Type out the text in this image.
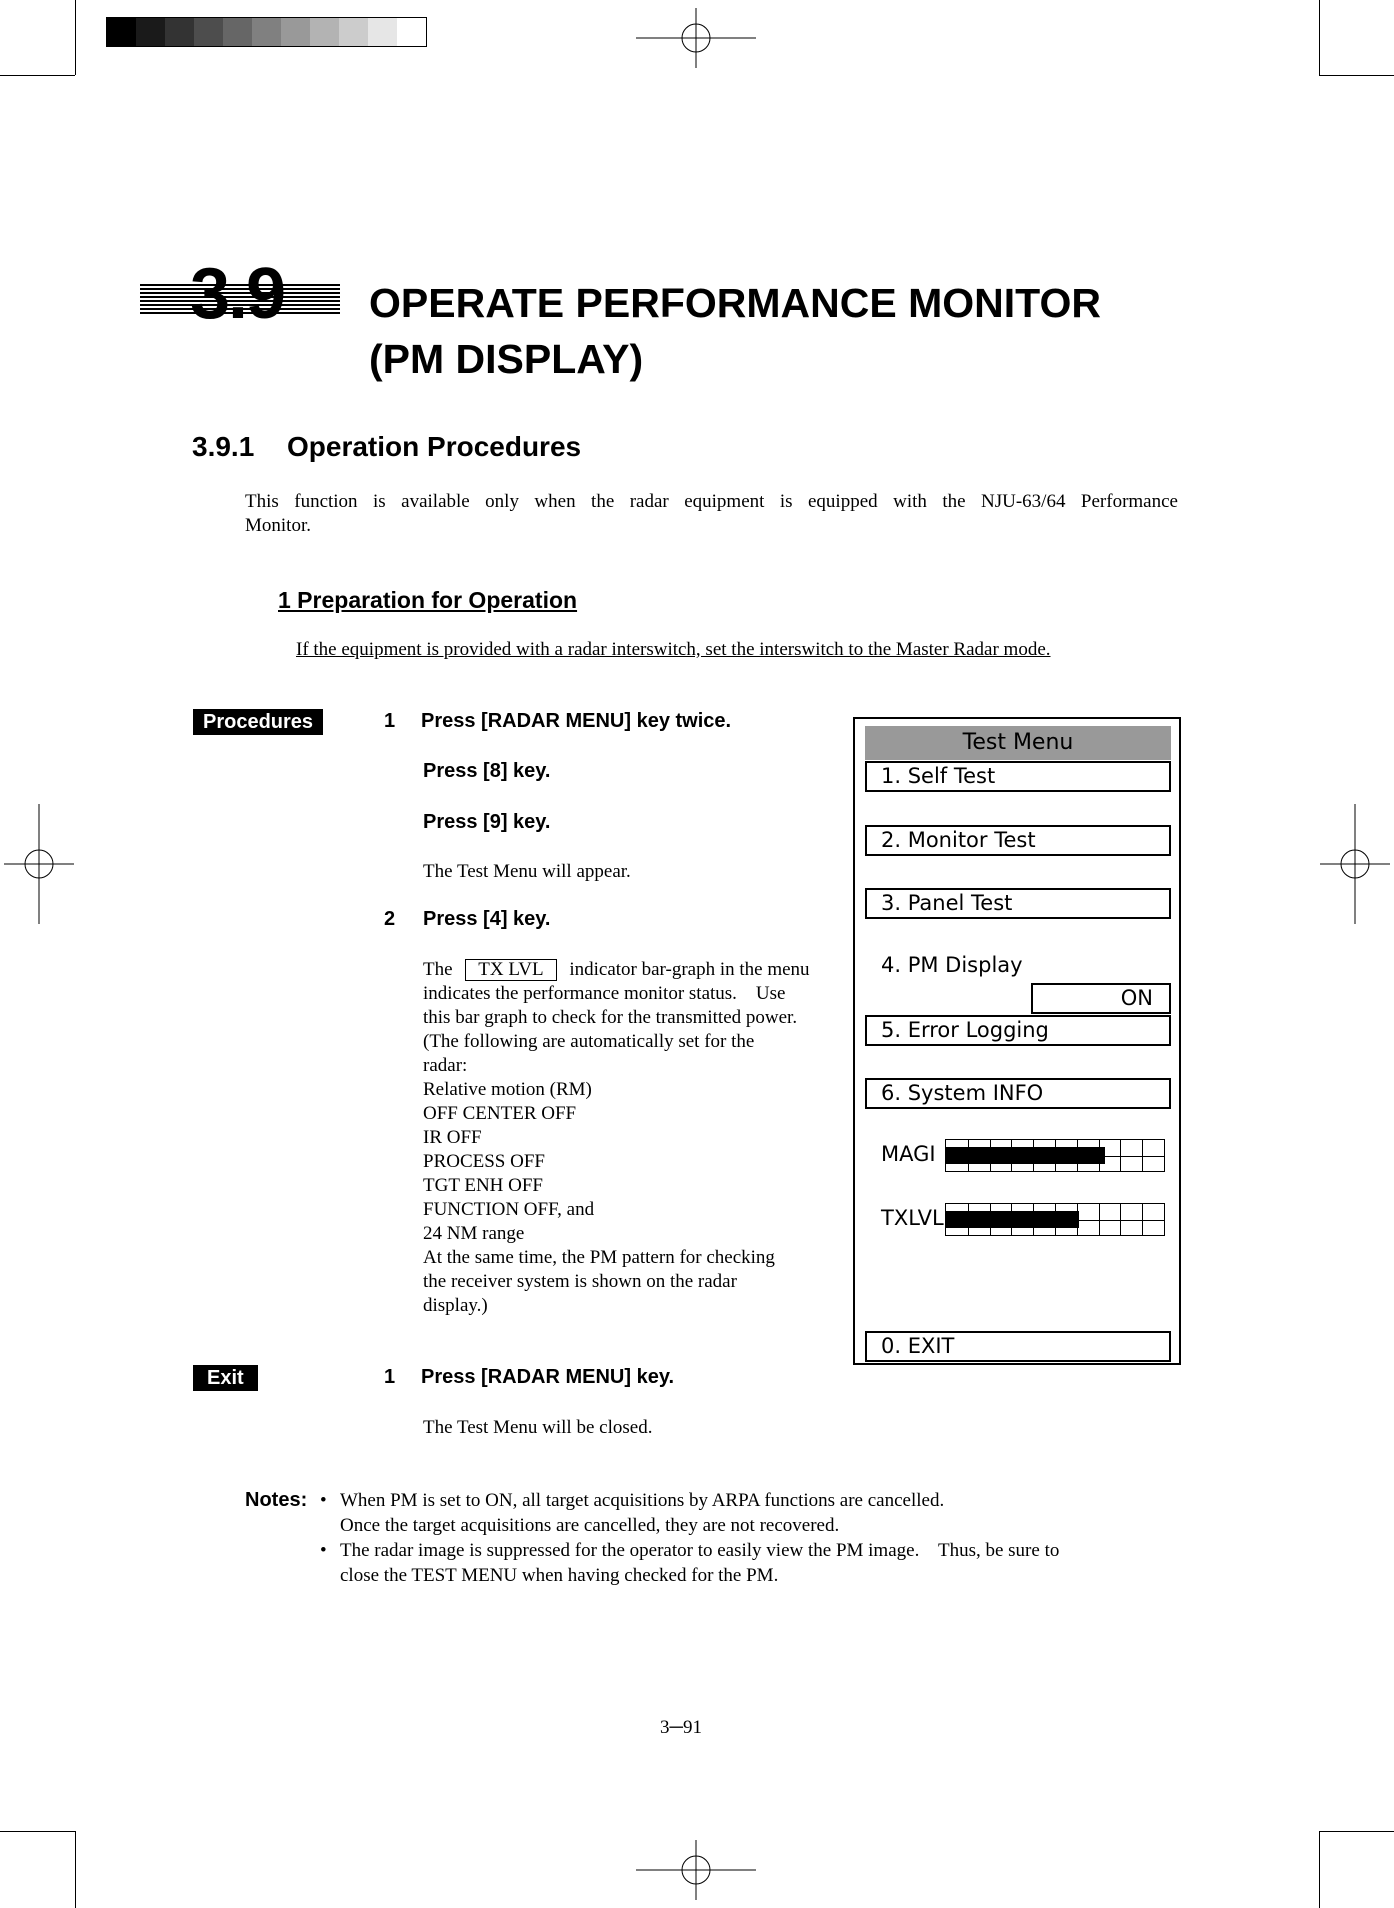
3.9 OPERATE PERFORMANCE MONITOR
(PM DISPLAY)
3.9.1 Operation Procedures
This function is available only when the radar equipment is equipped with the NJU-63/64 Performance
Monitor.
1 Preparation for Operation
If the equipment is provided with a radar interswitch, set the interswitch to the Master Radar mode.
Procedures	1 Press [RADAR MENU] key twice.
Press [8] key.
Press [9] key.
The Test Menu will appear.
2 Press [4] key.
The TX LVL indicator bar-graph in the menu
indicates the performance monitor status.    Use
this bar graph to check for the transmitted power.
(The following are automatically set for the
radar:
Relative motion (RM)
OFF CENTER OFF
IR OFF
PROCESS OFF
TGT ENH OFF
FUNCTION OFF, and
24 NM range
At the same time, the PM pattern for checking
the receiver system is shown on the radar
display.)
Test Menu
1. Self Test
2. Monitor Test
3. Panel Test
4. PM Display
ON
5. Error Logging
6. System INFO
MAGI
TXLVL
0. EXIT
Exit	1 Press [RADAR MENU] key.
The Test Menu will be closed.
Notes: • When PM is set to ON, all target acquisitions by ARPA functions are cancelled.
Once the target acquisitions are cancelled, they are not recovered.
• The radar image is suppressed for the operator to easily view the PM image.    Thus, be sure to
close the TEST MENU when having checked for the PM.
3─91
